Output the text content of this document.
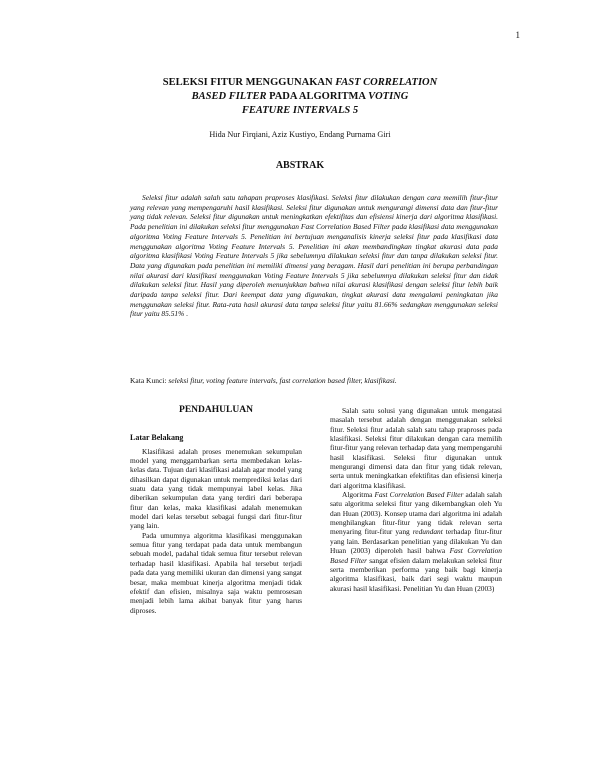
1
SELEKSI FITUR MENGGUNAKAN FAST CORRELATION
BASED FILTER PADA ALGORITMA VOTING
FEATURE INTERVALS 5
Hida Nur Firqiani, Aziz Kustiyo, Endang Purnama Giri
ABSTRAK

Seleksi fitur adalah salah satu tahapan praproses klasifikasi. Seleksi fitur dilakukan dengan cara memilih fitur-fitur yang relevan yang mempengaruhi hasil klasifikasi. Seleksi fitur digunakan untuk mengurangi dimensi data dan fitur-fitur yang tidak relevan. Seleksi fitur digunakan untuk meningkatkan efektifitas dan efisiensi kinerja dari algoritma klasifikasi. Pada penelitian ini dilakukan seleksi fitur menggunakan Fast Correlation Based Filter pada klasifikasi data menggunakan algoritma Voting Feature Intervals 5. Penelitian ini bertujuan menganalisis kinerja seleksi fitur pada klasifikasi data menggunakan algoritma Voting Feature Intervals 5. Penelitian ini akan membandingkan tingkat akurasi data pada algoritma klasifikasi Voting Feature Intervals 5 jika sebelumnya dilakukan seleksi fitur dan tanpa dilakukan seleksi fitur. Data yang digunakan pada penelitian ini memiliki dimensi yang beragam. Hasil dari penelitian ini berupa perbandingan nilai akurasi dari klasifikasi menggunakan Voting Feature Intervals 5 jika sebelumnya dilakukan seleksi fitur dan tidak dilakukan seleksi fitur. Hasil yang diperoleh menunjukkan bahwa nilai akurasi klasifikasi dengan seleksi fitur lebih baik daripada tanpa seleksi fitur. Dari keempat data yang digunakan, tingkat akurasi data mengalami peningkatan jika menggunakan seleksi fitur. Rata-rata hasil akurasi data tanpa seleksi fitur yaitu 81.66% sedangkan menggunakan seleksi fitur yaitu 85.51% .

Kata Kunci: seleksi fitur, voting feature intervals, fast correlation based filter, klasifikasi.
PENDAHULUAN
Latar Belakang

Klasifikasi adalah proses menemukan sekumpulan model yang menggambarkan serta membedakan kelas-kelas data. Tujuan dari klasifikasi adalah agar model yang dihasilkan dapat digunakan untuk memprediksi kelas dari suatu data yang tidak mempunyai label kelas. Jika diberikan sekumpulan data yang terdiri dari beberapa fitur dan kelas, maka klasifikasi adalah menemukan model dari kelas tersebut sebagai fungsi dari fitur-fitur yang lain.

Pada umumnya algoritma klasifikasi menggunakan semua fitur yang terdapat pada data untuk membangun sebuah model, padahal tidak semua fitur tersebut relevan terhadap hasil klasifikasi. Apabila hal tersebut terjadi pada data yang memiliki ukuran dan dimensi yang sangat besar, maka membuat kinerja algoritma menjadi tidak efektif dan efisien, misalnya saja waktu pemrosesan menjadi lebih lama akibat banyak fitur yang harus diproses.

Salah satu solusi yang digunakan untuk mengatasi masalah tersebut adalah dengan menggunakan seleksi fitur. Seleksi fitur adalah salah satu tahap praproses pada klasifikasi. Seleksi fitur dilakukan dengan cara memilih fitur-fitur yang relevan terhadap data yang mempengaruhi hasil klasifikasi. Seleksi fitur digunakan untuk mengurangi dimensi data dan fitur yang tidak relevan, serta untuk meningkatkan efektifitas dan efisiensi kinerja dari algoritma klasifikasi.

Algoritma Fast Correlation Based Filter adalah salah satu algoritma seleksi fitur yang dikembangkan oleh Yu dan Huan (2003). Konsep utama dari algoritma ini adalah menghilangkan fitur-fitur yang tidak relevan serta menyaring fitur-fitur yang redundant terhadap fitur-fitur yang lain. Berdasarkan penelitian yang dilakukan Yu dan Huan (2003) diperoleh hasil bahwa Fast Correlation Based Filter sangat efisien dalam melakukan seleksi fitur serta memberikan performa yang baik bagi kinerja algoritma klasifikasi, baik dari segi waktu maupun akurasi hasil klasifikasi. Penelitian Yu dan Huan (2003)
